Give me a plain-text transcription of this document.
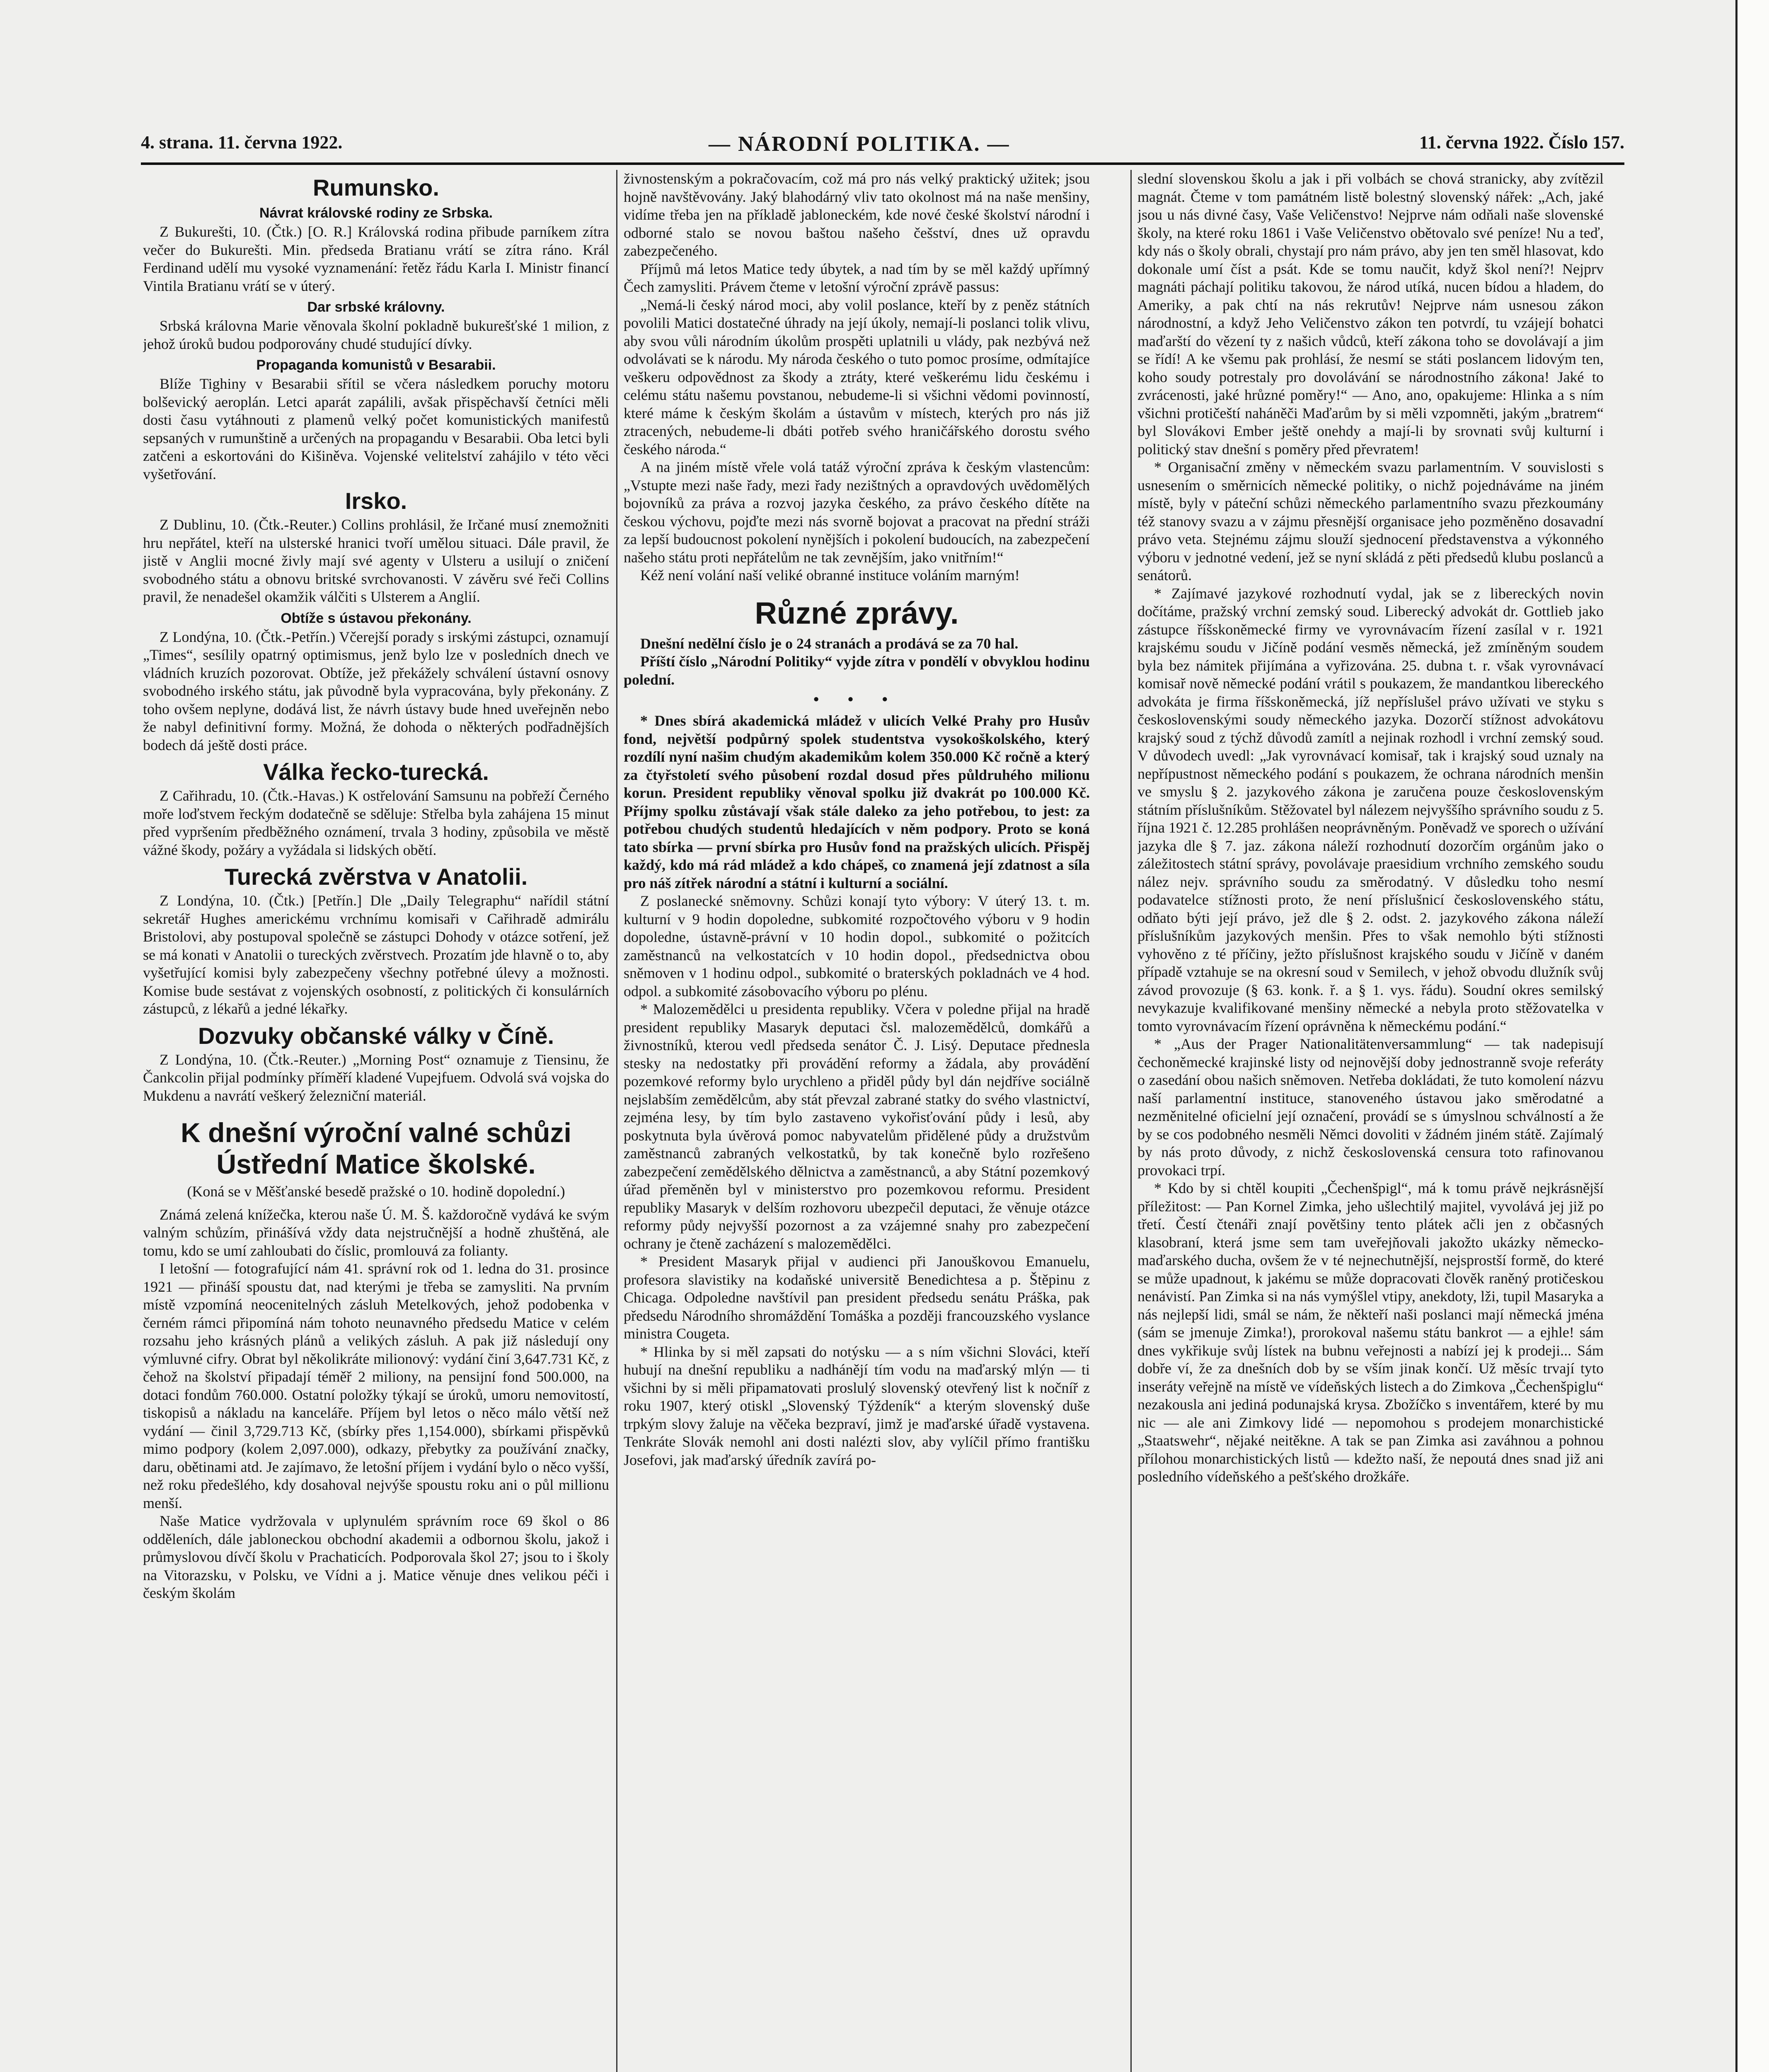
4. strana. 11. června 1922.	— NÁRODNÍ POLITIKA. —	11. června 1922. Číslo 157.
Rumunsko.
Návrat královské rodiny ze Srbska.

Z Bukurešti, 10. (Čtk.) [O. R.] Královská rodina přibude parníkem zítra večer do Bukurešti. Min. předseda Bratianu vrátí se zítra ráno. Král Ferdinand udělí mu vysoké vyznamenání: řetěz řádu Karla I. Ministr financí Vintila Bratianu vrátí se v úterý.

Dar srbské královny.

Srbská královna Marie věnovala školní pokladně bukurešťské 1 milion, z jehož úroků budou podporovány chudé studující dívky.

Propaganda komunistů v Besarabii.

Blíže Tighiny v Besarabii sřítil se včera následkem poruchy motoru bolševický aeroplán. Letci aparát zapálili, avšak přispěchavší četníci měli dosti času vytáhnouti z plamenů velký počet komunistických manifestů sepsaných v rumunštině a určených na propagandu v Besarabii. Oba letci byli zatčeni a eskortováni do Kišiněva. Vojenské velitelství zahájilo v této věci vyšetřování.

Irsko.

Z Dublinu, 10. (Čtk.-Reuter.) Collins prohlásil, že Irčané musí znemožniti hru nepřátel, kteří na ulsterské hranici tvoří umělou situaci. Dále pravil, že jistě v Anglii mocné živly mají své agenty v Ulsteru a usilují o zničení svobodného státu a obnovu britské svrchovanosti. V závěru své řeči Collins pravil, že nenadešel okamžik válčiti s Ulsterem a Anglií.

Obtíže s ústavou překonány.

Z Londýna, 10. (Čtk.-Petřín.) Včerejší porady s irskými zástupci, oznamují „Times“, sesílily opatrný optimismus, jenž bylo lze v posledních dnech ve vládních kruzích pozorovat. Obtíže, jež překážely schválení ústavní osnovy svobodného irského státu, jak původně byla vypracována, byly překonány. Z toho ovšem neplyne, dodává list, že návrh ústavy bude hned uveřejněn nebo že nabyl definitivní formy. Možná, že dohoda o některých podřadnějších bodech dá ještě dosti práce.

Válka řecko-turecká.

Z Cařihradu, 10. (Čtk.-Havas.) K ostřelování Samsunu na pobřeží Černého moře loďstvem řeckým dodatečně se sděluje: Střelba byla zahájena 15 minut před vypršením předběžného oznámení, trvala 3 hodiny, způsobila ve městě vážné škody, požáry a vyžádala si lidských obětí.

Turecká zvěrstva v Anatolii.

Z Londýna, 10. (Čtk.) [Petřín.] Dle „Daily Telegraphu“ nařídil státní sekretář Hughes americkému vrchnímu komisaři v Cařihradě admirálu Bristolovi, aby postupoval společně se zástupci Dohody v otázce sotření, jež se má konati v Anatolii o tureckých zvěrstvech. Prozatím jde hlavně o to, aby vyšetřující komisi byly zabezpečeny všechny potřebné úlevy a možnosti. Komise bude sestávat z vojenských osobností, z politických či konsulárních zástupců, z lékařů a jedné lékařky.

Dozvuky občanské války v Číně.

Z Londýna, 10. (Čtk.-Reuter.) „Morning Post“ oznamuje z Tiensinu, že Čankcolin přijal podmínky příměří kladené Vupejfuem. Odvolá svá vojska do Mukdenu a navrátí veškerý železniční materiál.

K dnešní výroční valné schůzi Ústřední Matice školské.
(Koná se v Měšťanské besedě pražské o 10. hodině dopolední.)

Známá zelená knížečka, kterou naše Ú. M. Š. každoročně vydává ke svým valným schůzím, přinášívá vždy data nejstručnější a hodně zhuštěná, ale tomu, kdo se umí zahloubati do číslic, promlouvá za folianty.

I letošní — fotografující nám 41. správní rok od 1. ledna do 31. prosince 1921 — přináší spoustu dat, nad kterými je třeba se zamysliti. Na prvním místě vzpomíná neocenitelných zásluh Metelkových, jehož podobenka v černém rámci připomíná nám tohoto neunavného předsedu Matice v celém rozsahu jeho krásných plánů a velikých zásluh. A pak již následují ony výmluvné cifry. Obrat byl několikráte milionový: vydání činí 3,647.731 Kč, z čehož na školství připadají téměř 2 miliony, na pensijní fond 500.000, na dotaci fondům 760.000. Ostatní položky týkají se úroků, umoru nemovitostí, tiskopisů a nákladu na kanceláře. Příjem byl letos o něco málo větší než vydání — činil 3,729.713 Kč, (sbírky přes 1,154.000), sbírkami přispěvků mimo podpory (kolem 2,097.000), odkazy, přebytky za používání značky, daru, obětinami atd. Je zajímavo, že letošní příjem i vydání bylo o něco vyšší, než roku předešlého, kdy dosahoval nejvýše spoustu roku ani o půl millionu menší.

Naše Matice vydržovala v uplynulém správním roce 69 škol o 86 odděleních, dále jabloneckou obchodní akademii a odbornou školu, jakož i průmyslovou dívčí školu v Prachaticích. Podporovala škol 27; jsou to i školy na Vitorazsku, v Polsku, ve Vídni a j. Matice věnuje dnes velikou péči i českým školám

živnostenským a pokračovacím, což má pro nás velký praktický užitek; jsou hojně navštěvovány. Jaký blahodárný vliv tato okolnost má na naše menšiny, vidíme třeba jen na příkladě jabloneckém, kde nové české školství národní i odborné stalo se novou baštou našeho češství, dnes už opravdu zabezpečeného.

Příjmů má letos Matice tedy úbytek, a nad tím by se měl každý upřímný Čech zamysliti. Právem čteme v letošní výroční zprávě passus:

„Nemá-li český národ moci, aby volil poslance, kteří by z peněz státních povolili Matici dostatečné úhrady na její úkoly, nemají-li poslanci tolik vlivu, aby svou vůli národním úkolům prospěti uplatnili u vlády, pak nezbývá než odvolávati se k národu. My národa českého o tuto pomoc prosíme, odmítajíce veškeru odpovědnost za škody a ztráty, které veškerému lidu českému i celému státu našemu povstanou, nebudeme-li si všichni vědomi povinností, které máme k českým školám a ústavům v místech, kterých pro nás již ztracených, nebudeme-li dbáti potřeb svého hraničářského dorostu svého českého národa.“

A na jiném místě vřele volá tatáž výroční zpráva k českým vlastencům: „Vstupte mezi naše řady, mezi řady nezištných a opravdových uvědomělých bojovníků za práva a rozvoj jazyka českého, za právo českého dítěte na českou výchovu, pojďte mezi nás svorně bojovat a pracovat na přední stráži za lepší budoucnost pokolení nynějších i pokolení budoucích, na zabezpečení našeho státu proti nepřátelům ne tak zevnějším, jako vnitřním!“

Kéž není volání naší veliké obranné instituce voláním marným!

Různé zprávy.

Dnešní nedělní číslo je o 24 stranách a prodává se za 70 hal.

Příští číslo „Národní Politiky“ vyjde zítra v pondělí v obvyklou hodinu polední.

• • •

* Dnes sbírá akademická mládež v ulicích Velké Prahy pro Husův fond, největší podpůrný spolek studentstva vysokoškolského, který rozdílí nyní našim chudým akademikům kolem 350.000 Kč ročně a který za čtyřstoletí svého působení rozdal dosud přes půldruhého milionu korun. President republiky věnoval spolku již dvakrát po 100.000 Kč. Příjmy spolku zůstávají však stále daleko za jeho potřebou, to jest: za potřebou chudých studentů hledajících v něm podpory. Proto se koná tato sbírka — první sbírka pro Husův fond na pražských ulicích. Přispěj každý, kdo má rád mládež a kdo chápeš, co znamená její zdatnost a síla pro náš zítřek národní a státní i kulturní a sociální.

Z poslanecké sněmovny. Schůzi konají tyto výbory: V úterý 13. t. m. kulturní v 9 hodin dopoledne, subkomité rozpočtového výboru v 9 hodin dopoledne, ústavně-právní v 10 hodin dopol., subkomité o požitcích zaměstnanců na velkostatcích v 10 hodin dopol., předsednictva obou sněmoven v 1 hodinu odpol., subkomité o braterských pokladnách ve 4 hod. odpol. a subkomité zásobovacího výboru po plénu.

* Malozemědělci u presidenta republiky. Včera v poledne přijal na hradě president republiky Masaryk deputaci čsl. malozemědělců, domkářů a živnostníků, kterou vedl předseda senátor Č. J. Lisý. Deputace přednesla stesky na nedostatky při provádění reformy a žádala, aby provádění pozemkové reformy bylo urychleno a přiděl půdy byl dán nejdříve sociálně nejslabším zemědělcům, aby stát převzal zabrané statky do svého vlastnictví, zejména lesy, by tím bylo zastaveno vykořisťování půdy i lesů, aby poskytnuta byla úvěrová pomoc nabyvatelům přidělené půdy a družstvům zaměstnanců zabraných velkostatků, by tak konečně bylo rozřešeno zabezpečení zemědělského dělnictva a zaměstnanců, a aby Státní pozemkový úřad přeměněn byl v ministerstvo pro pozemkovou reformu. President republiky Masaryk v delším rozhovoru ubezpečil deputaci, že věnuje otázce reformy půdy nejvyšší pozornost a za vzájemné snahy pro zabezpečení ochrany je čteně zacházení s malozemědělci.

* President Masaryk přijal v audienci při Janouškovou Emanuelu, profesora slavistiky na kodaňské universitě Benedichtesa a p. Štěpinu z Chicaga. Odpoledne navštívil pan president předsedu senátu Práška, pak předsedu Národního shromáždění Tomáška a později francouzského vyslance ministra Cougeta.

* Hlinka by si měl zapsati do notýsku — a s ním všichni Slováci, kteří hubují na dnešní republiku a nadhánějí tím vodu na maďarský mlýn — ti všichni by si měli připamatovati proslulý slovenský otevřený list k nočníř z roku 1907, který otiskl „Slovenský Týždeník“ a kterým slovenský duše trpkým slovy žaluje na věčeka bezpraví, jimž je maďarské úřadě vystavena. Tenkráte Slovák nemohl ani dosti nalézti slov, aby vylíčil přímo františku Josefovi, jak maďarský úředník zavírá po-

slední slovenskou školu a jak i při volbách se chová stranicky, aby zvítězil magnát. Čteme v tom památném listě bolestný slovenský nářek: „Ach, jaké jsou u nás divné časy, Vaše Veličenstvo! Nejprve nám odňali naše slovenské školy, na které roku 1861 i Vaše Veličenstvo obětovalo své peníze! Nu a teď, kdy nás o školy obrali, chystají pro nám právo, aby jen ten směl hlasovat, kdo dokonale umí číst a psát. Kde se tomu naučit, když škol není?! Nejprv magnáti páchají politiku takovou, že národ utíká, nucen bídou a hladem, do Ameriky, a pak chtí na nás rekrutův! Nejprve nám usnesou zákon národnostní, a když Jeho Veličenstvo zákon ten potvrdí, tu vzájejí bohatci maďarští do vězení ty z našich vůdců, kteří zákona toho se dovolávají a jim se řídí! A ke všemu pak prohlásí, že nesmí se státi poslancem lidovým ten, koho soudy potrestaly pro dovolávání se národnostního zákona! Jaké to zvrácenosti, jaké hrůzné poměry!“ — Ano, ano, opakujeme: Hlinka a s ním všichni protičeští naháněči Maďarům by si měli vzpomněti, jakým „bratrem“ byl Slovákovi Ember ještě onehdy a mají-li by srovnati svůj kulturní i politický stav dnešní s poměry před převratem!

* Organisační změny v německém svazu parlamentním. V souvislosti s usnesením o směrnicích německé politiky, o nichž pojednáváme na jiném místě, byly v páteční schůzi německého parlamentního svazu přezkoumány též stanovy svazu a v zájmu přesnější organisace jeho pozměněno dosavadní právo veta. Stejnému zájmu slouží sjednocení představenstva a výkonného výboru v jednotné vedení, jež se nyní skládá z pěti předsedů klubu poslanců a senátorů.

* Zajímavé jazykové rozhodnutí vydal, jak se z libereckých novin dočítáme, pražský vrchní zemský soud. Liberecký advokát dr. Gottlieb jako zástupce říšskoněmecké firmy ve vyrovnávacím řízení zasílal v r. 1921 krajskému soudu v Jičíně podání vesměs německá, jež zmíněným soudem byla bez námitek přijímána a vyřizována. 25. dubna t. r. však vyrovnávací komisař nově německé podání vrátil s poukazem, že mandantkou libereckého advokáta je firma říšskoněmecká, jíž nepříslušel právo užívati ve styku s československými soudy německého jazyka. Dozorčí stížnost advokátovu krajský soud z týchž důvodů zamítl a nejinak rozhodl i vrchní zemský soud. V důvodech uvedl: „Jak vyrovnávací komisař, tak i krajský soud uznaly na nepřípustnost německého podání s poukazem, že ochrana národních menšin ve smyslu § 2. jazykového zákona je zaručena pouze československým státním příslušníkům. Stěžovatel byl nálezem nejvyššího správního soudu z 5. října 1921 č. 12.285 prohlášen neoprávněným. Poněvadž ve sporech o užívání jazyka dle § 7. jaz. zákona náleží rozhodnutí dozorčím orgánům jako o záležitostech státní správy, povolávaje praesidium vrchního zemského soudu nález nejv. správního soudu za směrodatný. V důsledku toho nesmí podavatelce stížnosti proto, že není příslušnicí československého státu, odňato býti její právo, jež dle § 2. odst. 2. jazykového zákona náleží příslušníkům jazykových menšin. Přes to však nemohlo býti stížnosti vyhověno z té příčiny, ježto příslušnost krajského soudu v Jičíně v daném případě vztahuje se na okresní soud v Semilech, v jehož obvodu dlužník svůj závod provozuje (§ 63. konk. ř. a § 1. vys. řádu). Soudní okres semilský nevykazuje kvalifikované menšiny německé a nebyla proto stěžovatelka v tomto vyrovnávacím řízení oprávněna k německému podání.“

* „Aus der Prager Nationalitätenversammlung“ — tak nadepisují čechoněmecké krajinské listy od nejnovější doby jednostranně svoje referáty o zasedání obou našich sněmoven. Netřeba dokládati, že tuto komolení názvu naší parlamentní instituce, stanoveného ústavou jako směrodatné a nezměnitelné oficielní její označení, provádí se s úmyslnou schválností a že by se cos podobného nesměli Němci dovoliti v žádném jiném státě. Zajímalý by nás proto důvody, z nichž československá censura toto rafinovanou provokaci trpí.

* Kdo by si chtěl koupiti „Čechenšpigl“, má k tomu právě nejkrásnější příležitost: — Pan Kornel Zimka, jeho ušlechtilý majitel, vyvolává jej již po třetí. Čestí čtenáři znají povětšiny tento plátek ačli jen z občasných klasobraní, která jsme sem tam uveřejňovali jakožto ukázky německo-maďarského ducha, ovšem že v té nejnechutnější, nejsprostší formě, do které se může upadnout, k jakému se může dopracovati člověk raněný protičeskou nenávistí. Pan Zimka si na nás vymýšlel vtipy, anekdoty, lži, tupil Masaryka a nás nejlepší lidi, smál se nám, že někteří naši poslanci mají německá jména (sám se jmenuje Zimka!), prorokoval našemu státu bankrot — a ejhle! sám dnes vykřikuje svůj lístek na bubnu veřejnosti a nabízí jej k prodeji... Sám dobře ví, že za dnešních dob by se vším jinak končí. Už měsíc trvají tyto inseráty veřejně na místě ve vídeňských listech a do Zimkova „Čechenšpiglu“ nezakousla ani jediná podunajská krysa. Zbožíčko s inventářem, které by mu nic — ale ani Zimkovy lidé — nepomohou s prodejem monarchistické „Staatswehr“, nějaké neitěkne. A tak se pan Zimka asi zaváhnou a pohnou přílohou monarchistických listů — kdežto naší, že nepoutá dnes snad již ani posledního vídeňského a pešťského drožkáře.
